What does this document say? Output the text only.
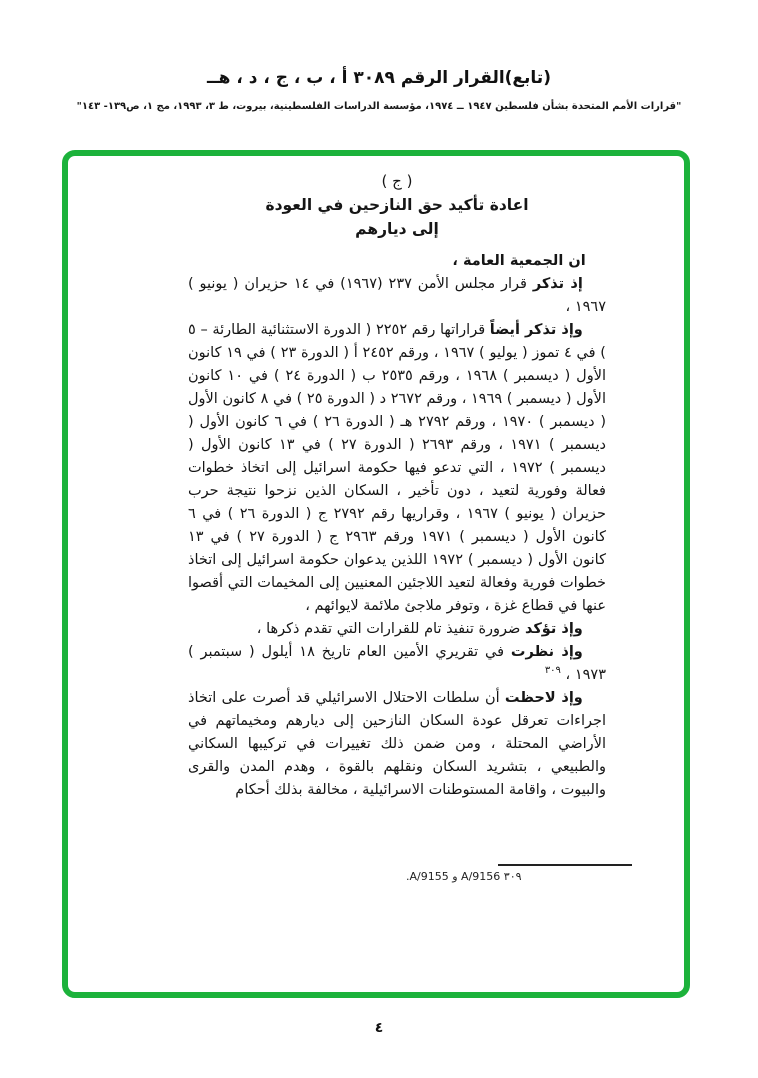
(تابع)القرار الرقم ٣٠٨٩ أ ، ب ، ج ، د ، هــ
"قرارات الأمم المتحدة بشأن فلسطين ١٩٤٧ ــ ١٩٧٤، مؤسسة الدراسات الفلسطينية، بيروت، ط ٣، ١٩٩٣، مج ١، ص١٣٩- ١٤٣"
( ج )
اعادة تأكيد حق النازحين في العودة
إلى ديارهم
ان الجمعية العامة ،
إذ تذكر قرار مجلس الأمن ٢٣٧ (١٩٦٧) في ١٤ حزيران ( يونيو ) ١٩٦٧ ،
وإذ تذكر أيضاً قراراتها رقم ٢٢٥٢ ( الدورة الاستثنائية الطارئة – ٥ ) في ٤ تموز ( يوليو ) ١٩٦٧ ، ورقم ٢٤٥٢ أ ( الدورة ٢٣ ) في ١٩ كانون الأول ( ديسمبر ) ١٩٦٨ ، ورقم ٢٥٣٥ ب ( الدورة ٢٤ ) في ١٠ كانون الأول ( ديسمبر ) ١٩٦٩ ، ورقم ٢٦٧٢ د ( الدورة ٢٥ ) في ٨ كانون الأول ( ديسمبر ) ١٩٧٠ ، ورقم ٢٧٩٢ هـ ( الدورة ٢٦ ) في ٦ كانون الأول ( ديسمبر ) ١٩٧١ ، ورقم ٢٦٩٣ ( الدورة ٢٧ ) في ١٣ كانون الأول ( ديسمبر ) ١٩٧٢ ، التي تدعو فيها حكومة اسرائيل إلى اتخاذ خطوات فعالة وفورية لتعيد ، دون تأخير ، السكان الذين نزحوا نتيجة حرب حزيران ( يونيو ) ١٩٦٧ ، وقراريها رقم ٢٧٩٢ ج ( الدورة ٢٦ ) في ٦ كانون الأول ( ديسمبر ) ١٩٧١ ورقم ٢٩٦٣ ج ( الدورة ٢٧ ) في ١٣ كانون الأول ( ديسمبر ) ١٩٧٢ اللذين يدعوان حكومة اسرائيل إلى اتخاذ خطوات فورية وفعالة لتعيد اللاجئين المعنيين إلى المخيمات التي أقصوا عنها في قطاع غزة ، وتوفر ملاجئ ملائمة لايوائهم ،
وإذ تؤكد ضرورة تنفيذ تام للقرارات التي تقدم ذكرها ،
وإذ نظرت في تقريري الأمين العام تاريخ ١٨ أيلول ( سبتمبر ) ١٩٧٣ ، $^{٣٠٩}$
وإذ لاحظت أن سلطات الاحتلال الاسرائيلي قد أصرت على اتخاذ اجراءات تعرقل عودة السكان النازحين إلى ديارهم ومخيماتهم في الأراضي المحتلة ، ومن ضمن ذلك تغييرات في تركيبها السكاني والطبيعي ، بتشريد السكان ونقلهم بالقوة ، وهدم المدن والقرى والبيوت ، واقامة المستوطنات الاسرائيلية ، مخالفة بذلك أحكام
٣٠٩ A/9156 و A/9155.
٤
